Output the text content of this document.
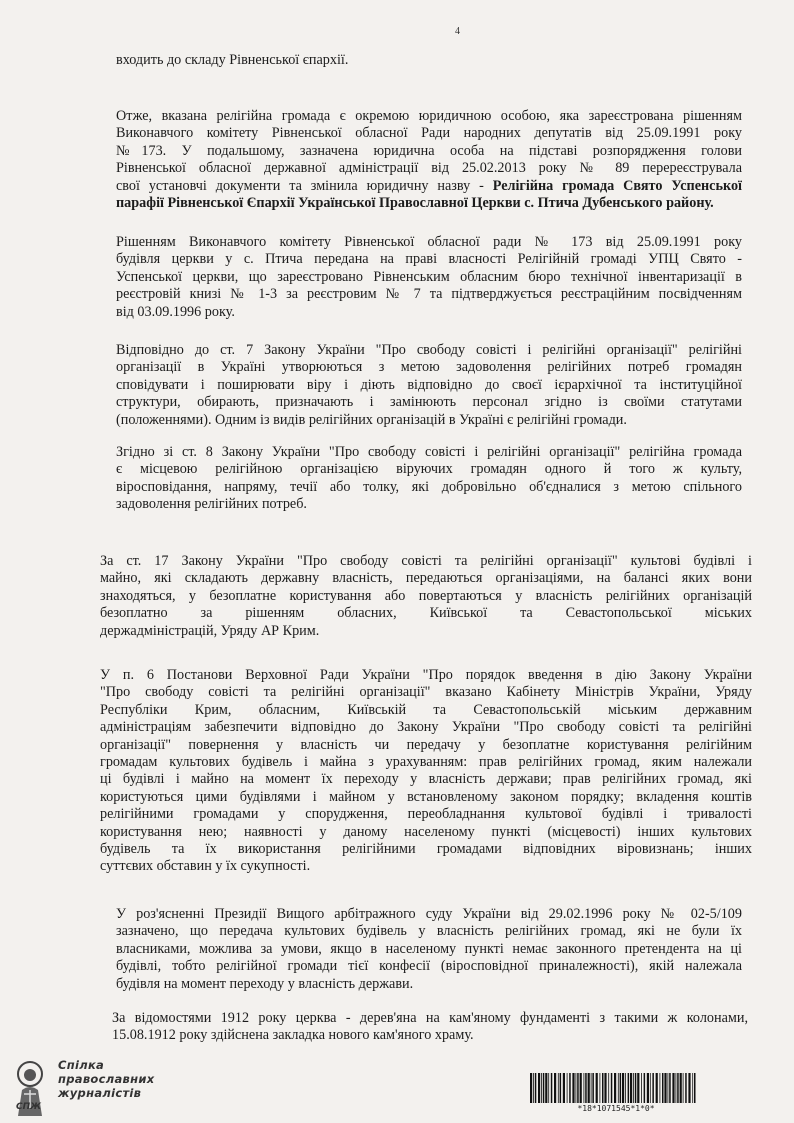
4
входить до складу Рівненської єпархії.
Отже, вказана релігійна громада є окремою юридичною особою, яка зареєстрована рішенням
Виконавчого комітету Рівненської обласної Ради народних депутатів від 25.09.1991 року
№173. У подальшому, зазначена юридична особа на підставі розпорядження голови
Рівненської обласної державної адміністрації від 25.02.2013 року № 89 перереєструвала
свої установчі документи та змінила юридичну назву - Релігійна громада Свято Успенської
парафії Рівненської Єпархії Української Православної Церкви с. Птича Дубенського району.
Рішенням Виконавчого комітету Рівненської обласної ради № 173 від 25.09.1991 року
будівля церкви у с. Птича передана на праві власності Релігійній громаді УПЦ Свято -
Успенської церкви, що зареєстровано Рівненським обласним бюро технічної інвентаризації в
реєстровій книзі № 1-3 за реєстровим № 7 та підтверджується реєстраційним посвідченням
від 03.09.1996 року.
Відповідно до ст. 7 Закону України "Про свободу совісті і релігійні організації" релігійні
організації в Україні утворюються з метою задоволення релігійних потреб громадян
сповідувати і поширювати віру і діють відповідно до своєї ієрархічної та інституційної
структури, обирають, призначають і замінюють персонал згідно із своїми статутами
(положеннями). Одним із видів релігійних організацій в Україні є релігійні громади.
Згідно зі ст. 8 Закону України "Про свободу совісті і релігійні організації" релігійна громада
є місцевою релігійною організацією віруючих громадян одного й того ж культу,
віросповідання, напряму, течії або толку, які добровільно об'єдналися з метою спільного
задоволення релігійних потреб.
За ст. 17 Закону України "Про свободу совісті та релігійні організації" культові будівлі і
майно, які складають державну власність, передаються організаціями, на балансі яких вони
знаходяться, у безоплатне користування або повертаються у власність релігійних організацій
безоплатно за рішенням обласних, Київської та Севастопольської міських
держадміністрацій, Уряду АР Крим.
У п. 6 Постанови Верховної Ради України "Про порядок введення в дію Закону України
"Про свободу совісті та релігійні організації" вказано Кабінету Міністрів України, Уряду
Республіки Крим, обласним, Київській та Севастопольській міським державним
адміністраціям забезпечити відповідно до Закону України "Про свободу совісті та релігійні
організації" повернення у власність чи передачу у безоплатне користування релігійним
громадам культових будівель і майна з урахуванням: прав релігійних громад, яким належали
ці будівлі і майно на момент їх переходу у власність держави; прав релігійних громад, які
користуються цими будівлями і майном у встановленому законом порядку; вкладення коштів
релігійними громадами у спорудження, переобладнання культової будівлі і тривалості
користування нею; наявності у даному населеному пункті (місцевості) інших культових
будівель та їх використання релігійними громадами відповідних віровизнань; інших
суттєвих обставин у їх сукупності.
У роз'ясненні Президії Вищого арбітражного суду України від 29.02.1996 року № 02-5/109
зазначено, що передача культових будівель у власність релігійних громад, які не були їх
власниками, можлива за умови, якщо в населеному пункті немає законного претендента на ці
будівлі, тобто релігійної громади тієї конфесії (віросповідної приналежності), якій належала
будівля на момент переходу у власність держави.
За відомостями 1912 року церква - дерев'яна на кам'яному фундаменті з такими ж колонами,
15.08.1912 року здійснена закладка нового кам'яного храму.
Спілка
православних
журналістів
СПЖ	*18*1071545*1*0*
